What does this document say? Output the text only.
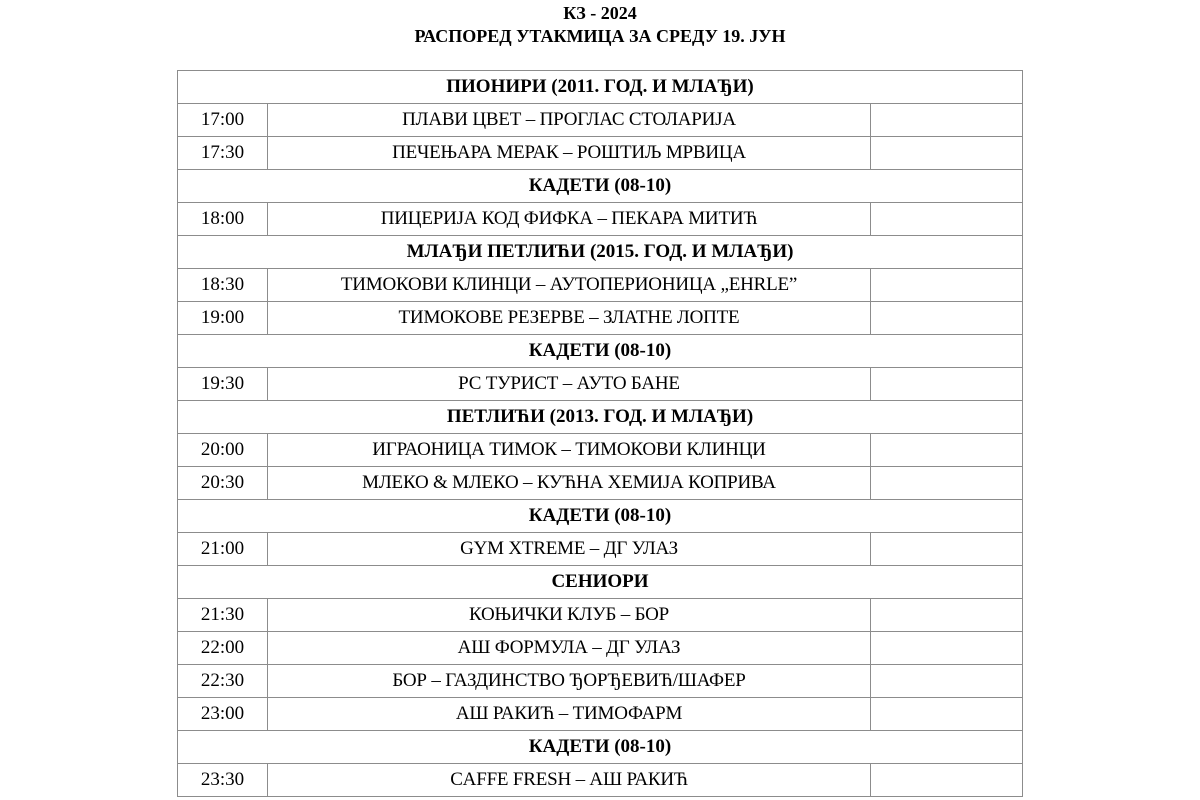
КЗ - 2024
РАСПОРЕД УТАКМИЦА ЗА СРЕДУ 19. ЈУН
ПИОНИРИ (2011. ГОД. И МЛАЂИ)		
17:00	ПЛАВИ ЦВЕТ – ПРОГЛАС СТОЛАРИЈА	
17:30	ПЕЧЕЊАРА МЕРАК – РОШТИЉ МРВИЦА	
КАДЕТИ (08-10)		
18:00	ПИЦЕРИЈА КОД ФИФКА – ПЕКАРА МИТИЋ	
МЛАЂИ ПЕТЛИЋИ (2015. ГОД. И МЛАЂИ)		
18:30	ТИМОКОВИ КЛИНЦИ – АУТОПЕРИОНИЦА „EHRLE”	
19:00	ТИМОКОВЕ РЕЗЕРВЕ – ЗЛАТНЕ ЛОПТЕ	
КАДЕТИ (08-10)		
19:30	РС ТУРИСТ – АУТО БАНЕ	
ПЕТЛИЋИ (2013. ГОД. И МЛАЂИ)		
20:00	ИГРАОНИЦА ТИМОК – ТИМОКОВИ КЛИНЦИ	
20:30	МЛЕКО & МЛЕКО – КУЋНА ХЕМИЈА КОПРИВА	
КАДЕТИ (08-10)		
21:00	GYM XTREME – ДГ УЛАЗ	
СЕНИОРИ		
21:30	КОЊИЧКИ КЛУБ – БОР	
22:00	АШ ФОРМУЛА – ДГ УЛАЗ	
22:30	БОР – ГАЗДИНСТВО ЂОРЂЕВИЋ/ШАФЕР	
23:00	АШ РАКИЋ – ТИМОФАРМ	
КАДЕТИ (08-10)		
23:30	CAFFE FRESH – АШ РАКИЋ	
